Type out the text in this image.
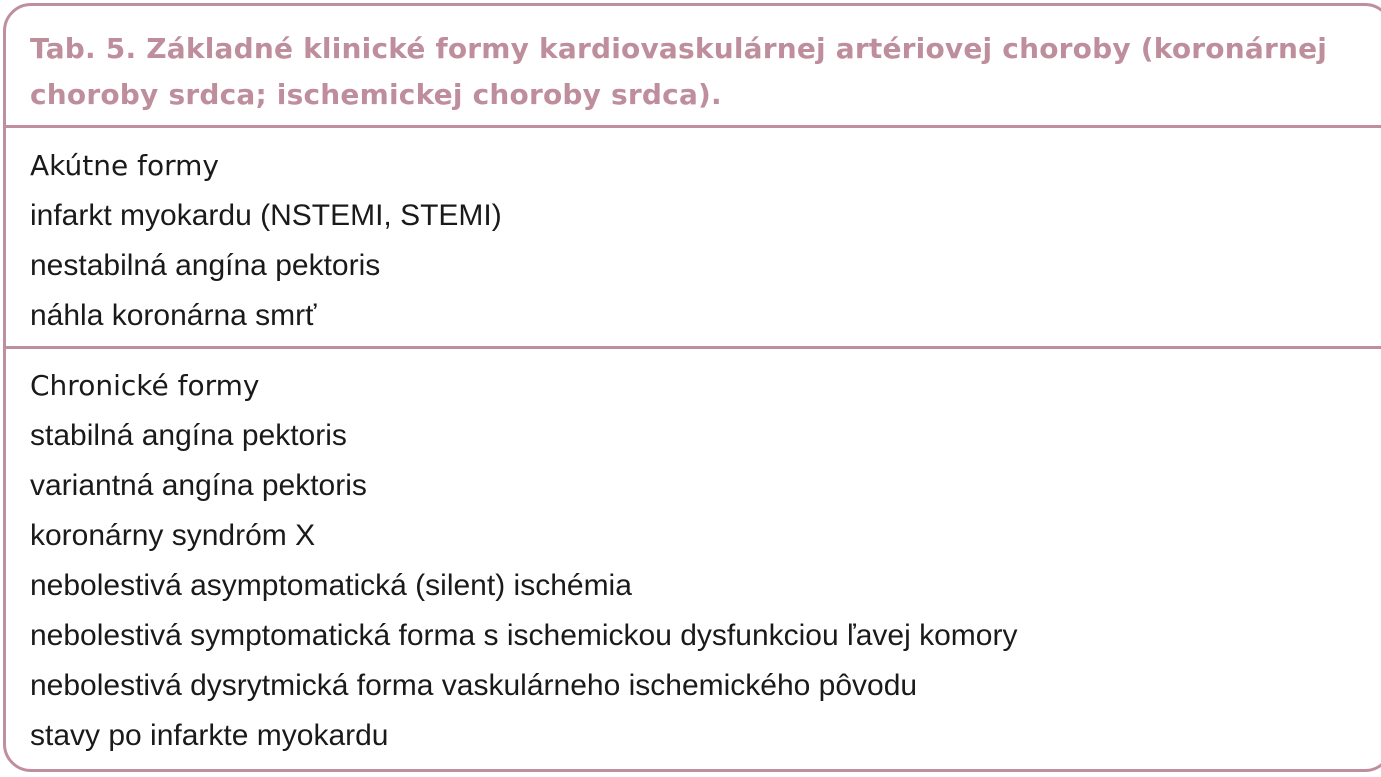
Tab. 5. Základné klinické formy kardiovaskulárnej artériovej choroby (koronárnej choroby srdca; ischemickej choroby srdca).

Akútne formy
infarkt myokardu (NSTEMI, STEMI)
nestabilná angína pektoris
náhla koronárna smrť
Chronické formy
stabilná angína pektoris
variantná angína pektoris
koronárny syndróm X
nebolestivá asymptomatická (silent) ischémia
nebolestivá symptomatická forma s ischemickou dysfunkciou ľavej komory
nebolestivá dysrytmická forma vaskulárneho ischemického pôvodu
stavy po infarkte myokardu
